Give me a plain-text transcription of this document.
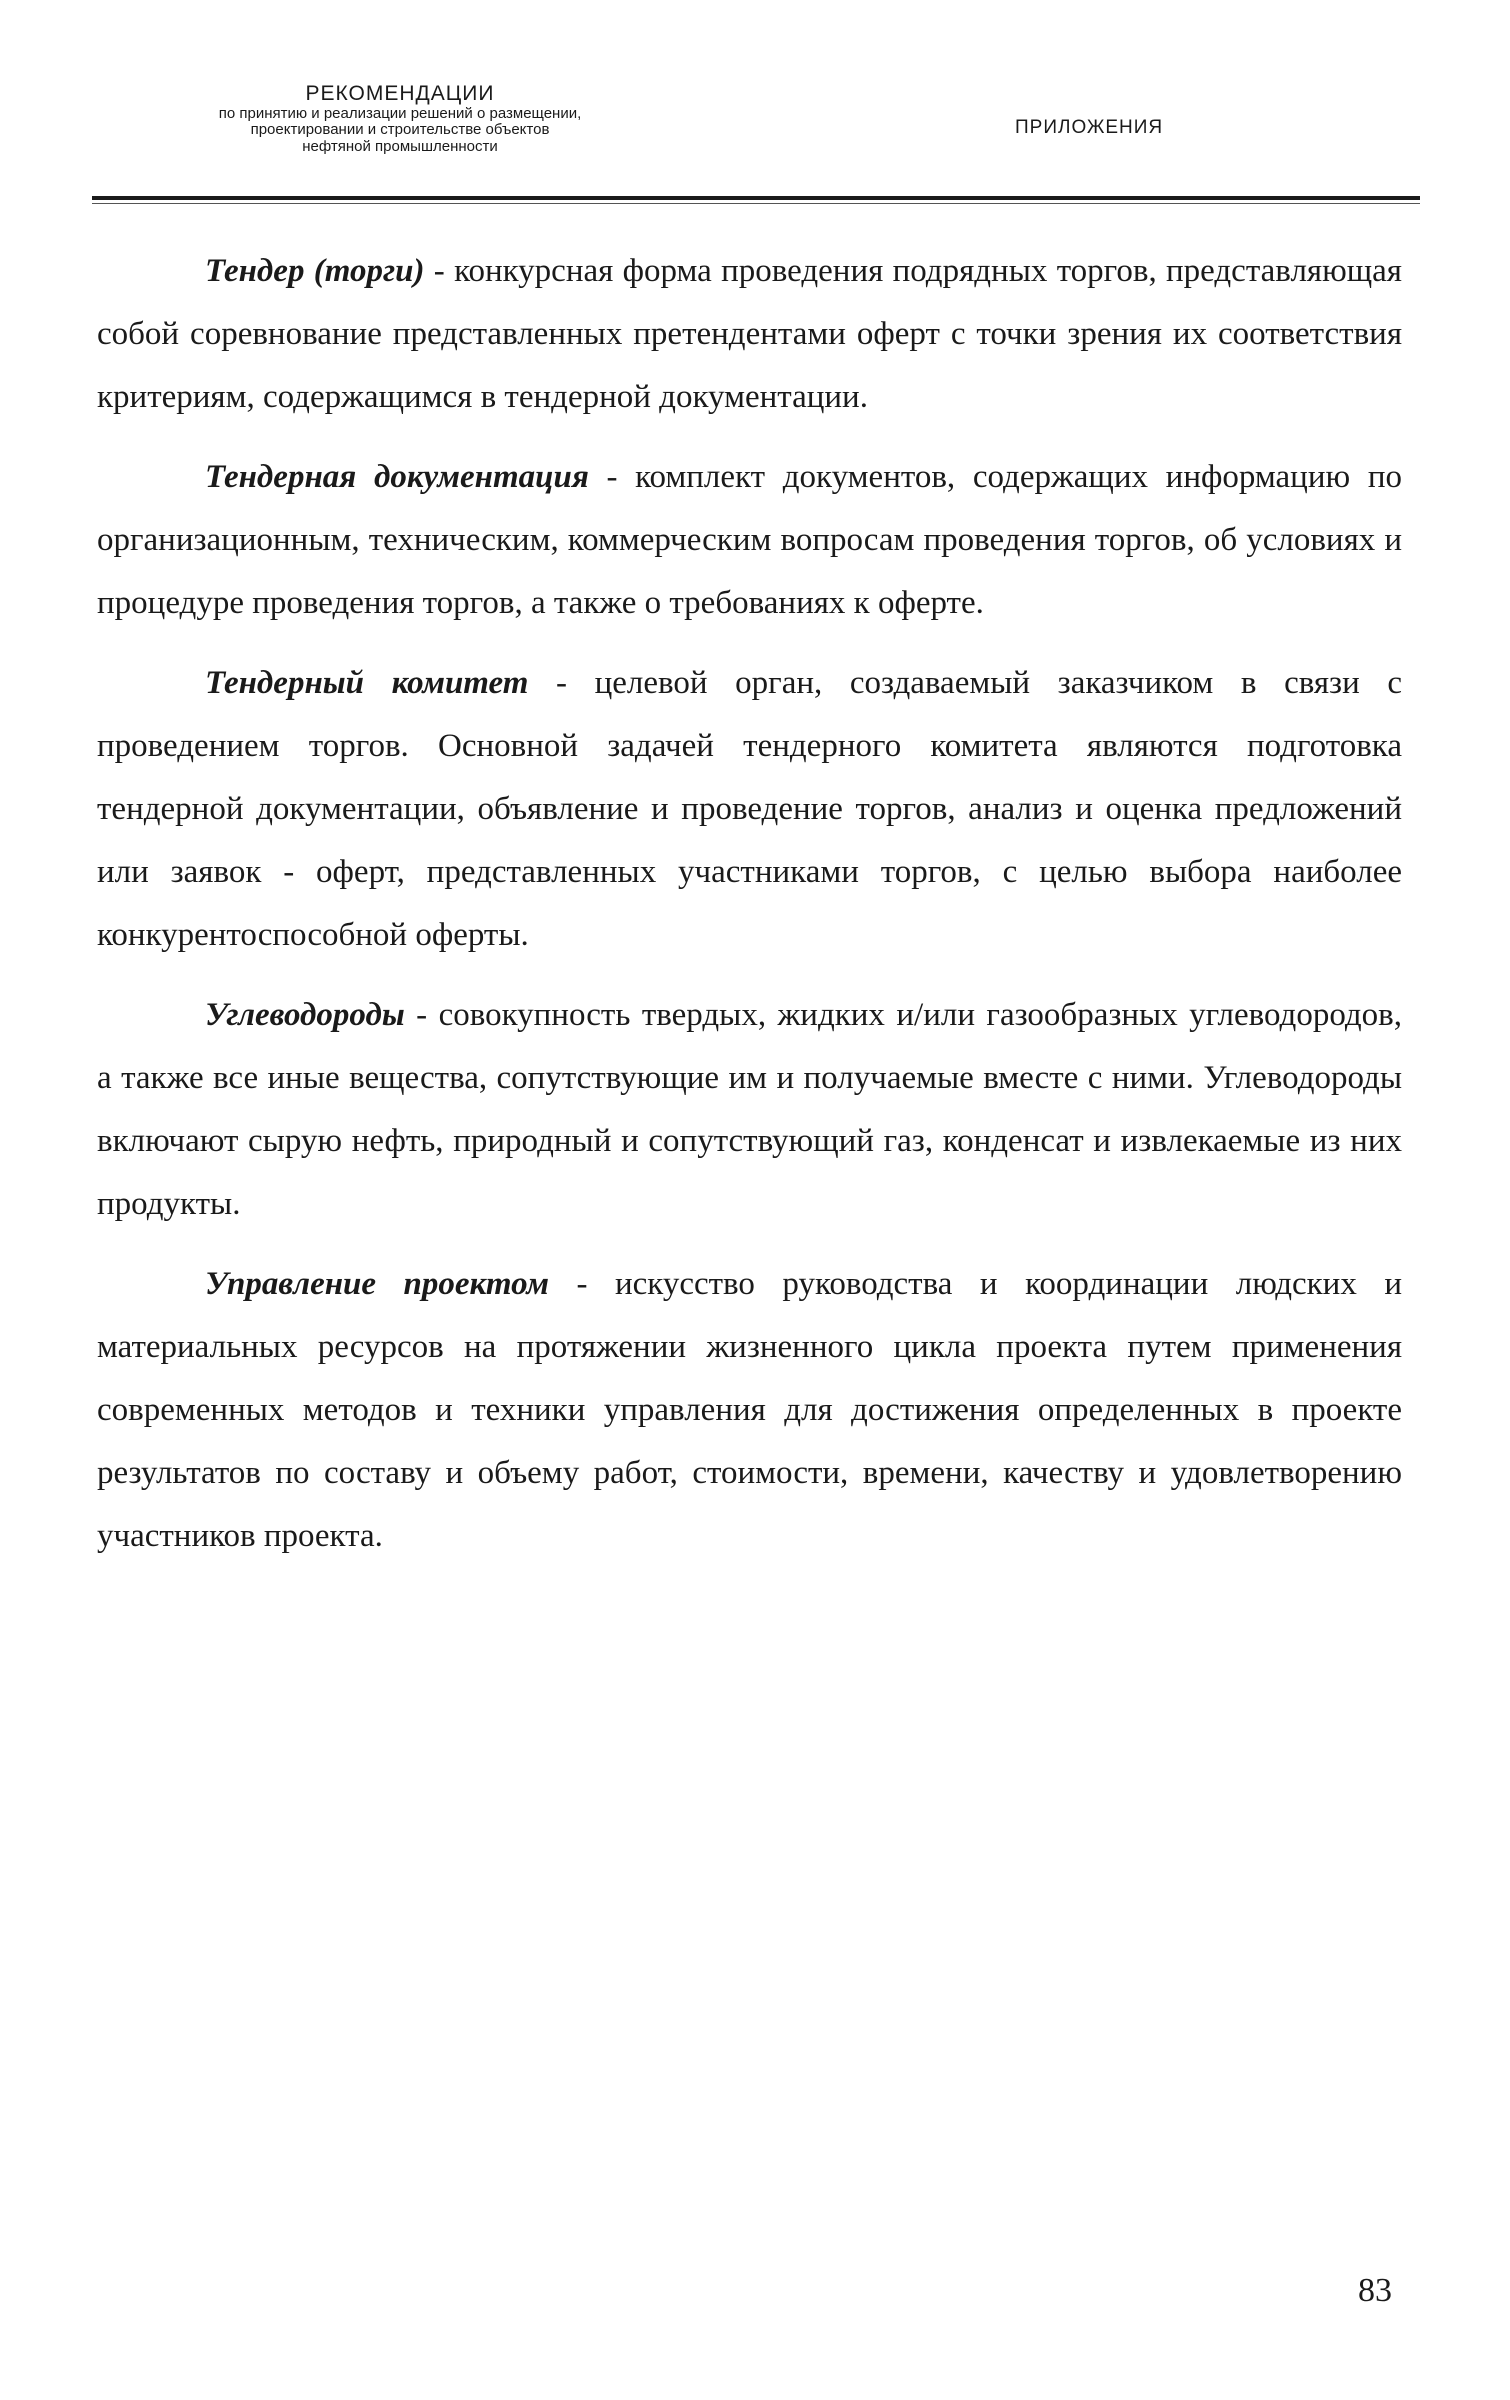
РЕКОМЕНДАЦИИ
по принятию и реализации решений о размещении,
проектировании и строительстве объектов
нефтяной промышленности
ПРИЛОЖЕНИЯ

Тендер (торги) - конкурсная форма проведения подрядных торгов, представляющая собой соревнование представленных претендентами оферт с точки зрения их соответствия критериям, содержащимся в тендерной документации.

Тендерная документация - комплект документов, содержащих информацию по организационным, техническим, коммерческим вопросам проведения торгов, об условиях и процедуре проведения торгов, а также о требованиях к оферте.

Тендерный комитет - целевой орган, создаваемый заказчиком в связи с проведением торгов. Основной задачей тендерного комитета являются подготовка тендерной документации, объявление и проведение торгов, анализ и оценка предложений или заявок - оферт, представленных участниками торгов, с целью выбора наиболее конкурентоспособной оферты.

Углеводороды - совокупность твердых, жидких и/или газообразных углеводородов, а также все иные вещества, сопутствующие им и получаемые вместе с ними. Углеводороды включают сырую нефть, природный и сопутствующий газ, конденсат и извлекаемые из них продукты.

Управление проектом - искусство руководства и координации людских и материальных ресурсов на протяжении жизненного цикла проекта путем применения современных методов и техники управления для достижения определенных в проекте результатов по составу и объему работ, стоимости, времени, качеству и удовлетворению участников проекта.

83
